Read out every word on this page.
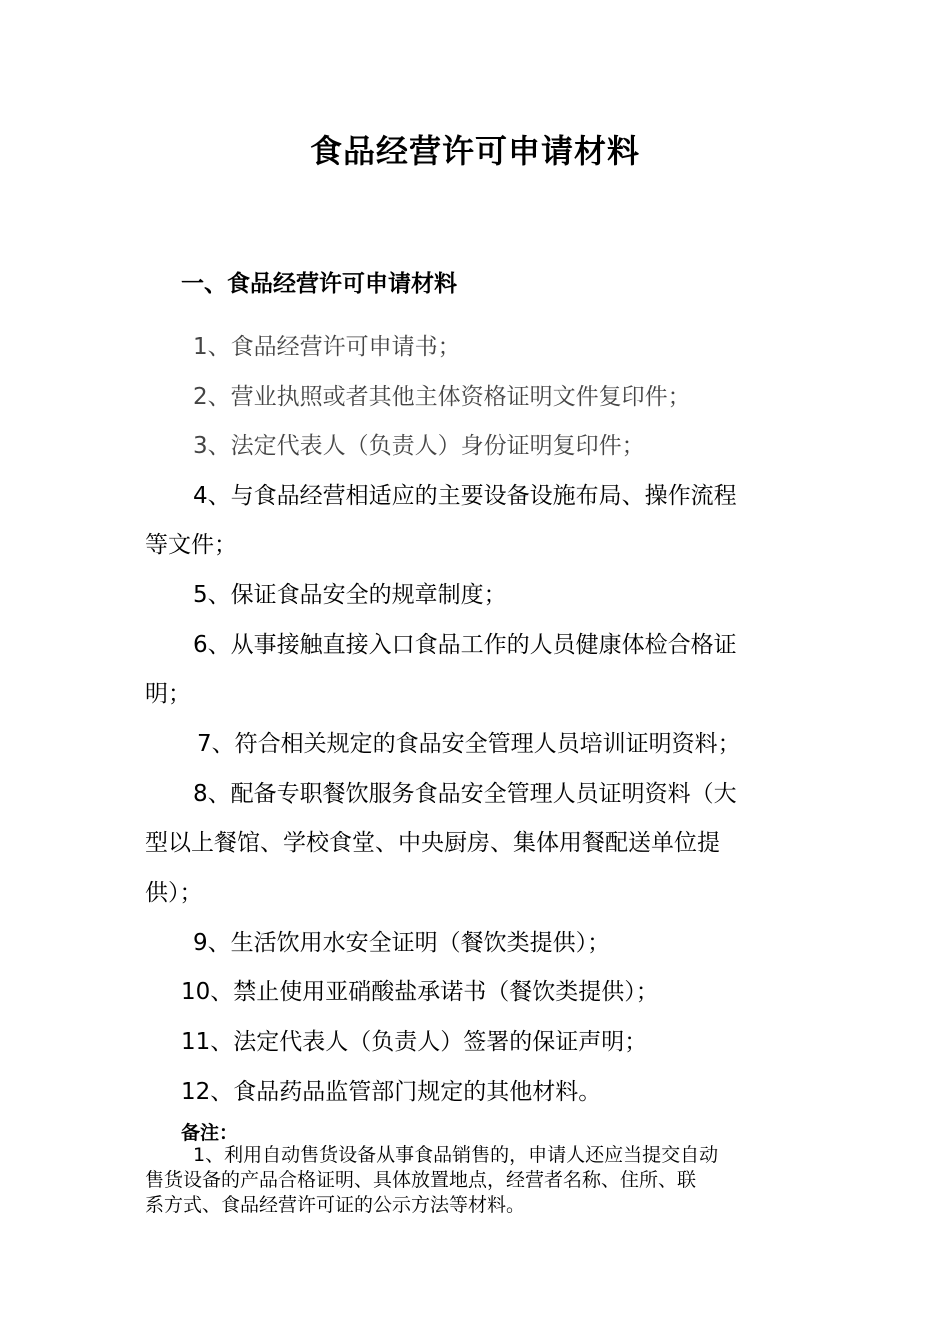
食品经营许可申请材料
一、食品经营许可申请材料
1、食品经营许可申请书；
2、营业执照或者其他主体资格证明文件复印件；
3、法定代表人（负责人）身份证明复印件；
4、与食品经营相适应的主要设备设施布局、操作流程
等文件；
5、保证食品安全的规章制度；
6、从事接触直接入口食品工作的人员健康体检合格证
明；
7、符合相关规定的食品安全管理人员培训证明资料；
8、配备专职餐饮服务食品安全管理人员证明资料（大
型以上餐馆、学校食堂、中央厨房、集体用餐配送单位提
供）；
9、生活饮用水安全证明（餐饮类提供）；
10、禁止使用亚硝酸盐承诺书（餐饮类提供）；
11、法定代表人（负责人）签署的保证声明；
12、食品药品监管部门规定的其他材料。
备注：
1、利用自动售货设备从事食品销售的，申请人还应当提交自动
售货设备的产品合格证明、具体放置地点，经营者名称、住所、联
系方式、食品经营许可证的公示方法等材料。
